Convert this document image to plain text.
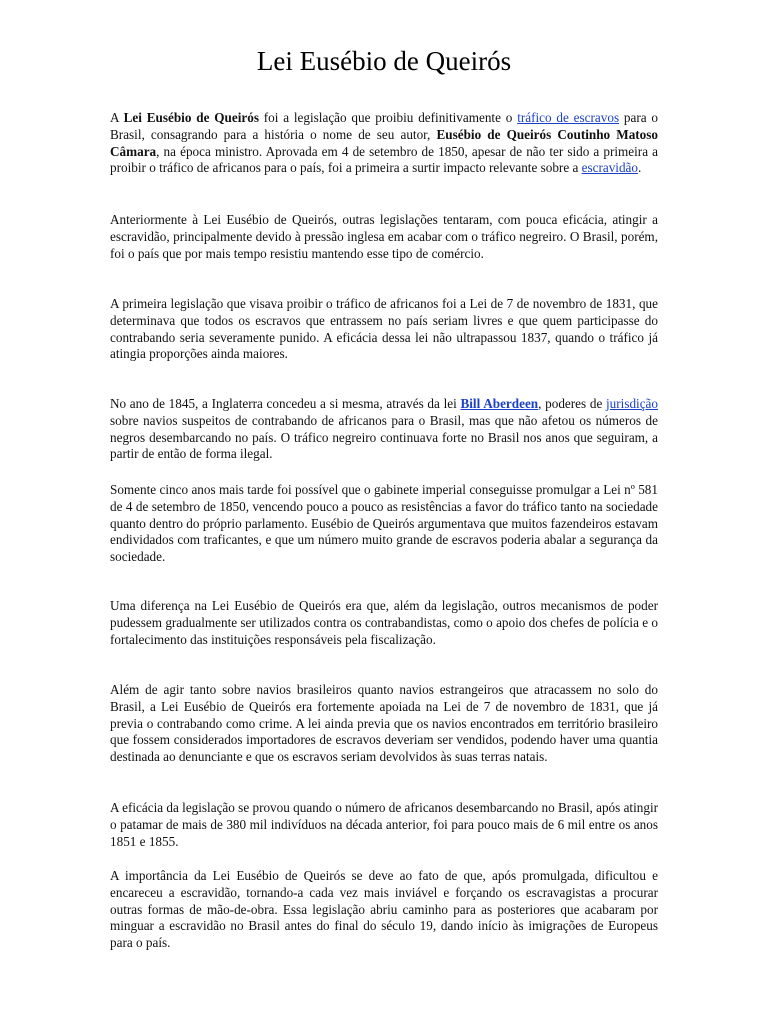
Lei Eusébio de Queirós

A Lei Eusébio de Queirós foi a legislação que proibiu definitivamente o tráfico de escravos para o Brasil, consagrando para a história o nome de seu autor, Eusébio de Queirós Coutinho Matoso Câmara, na época ministro. Aprovada em 4 de setembro de 1850, apesar de não ter sido a primeira a proibir o tráfico de africanos para o país, foi a primeira a surtir impacto relevante sobre a escravidão.

Anteriormente à Lei Eusébio de Queirós, outras legislações tentaram, com pouca eficácia, atingir a escravidão, principalmente devido à pressão inglesa em acabar com o tráfico negreiro. O Brasil, porém, foi o país que por mais tempo resistiu mantendo esse tipo de comércio.

A primeira legislação que visava proibir o tráfico de africanos foi a Lei de 7 de novembro de 1831, que determinava que todos os escravos que entrassem no país seriam livres e que quem participasse do contrabando seria severamente punido. A eficácia dessa lei não ultrapassou 1837, quando o tráfico já atingia proporções ainda maiores.

No ano de 1845, a Inglaterra concedeu a si mesma, através da lei Bill Aberdeen, poderes de jurisdição sobre navios suspeitos de contrabando de africanos para o Brasil, mas que não afetou os números de negros desembarcando no país. O tráfico negreiro continuava forte no Brasil nos anos que seguiram, a partir de então de forma ilegal.

Somente cinco anos mais tarde foi possível que o gabinete imperial conseguisse promulgar a Lei nº 581 de 4 de setembro de 1850, vencendo pouco a pouco as resistências a favor do tráfico tanto na sociedade quanto dentro do próprio parlamento. Eusébio de Queirós argumentava que muitos fazendeiros estavam endividados com traficantes, e que um número muito grande de escravos poderia abalar a segurança da sociedade.

Uma diferença na Lei Eusébio de Queirós era que, além da legislação, outros mecanismos de poder pudessem gradualmente ser utilizados contra os contrabandistas, como o apoio dos chefes de polícia e o fortalecimento das instituições responsáveis pela fiscalização.

Além de agir tanto sobre navios brasileiros quanto navios estrangeiros que atracassem no solo do Brasil, a Lei Eusébio de Queirós era fortemente apoiada na Lei de 7 de novembro de 1831, que já previa o contrabando como crime. A lei ainda previa que os navios encontrados em território brasileiro que fossem considerados importadores de escravos deveriam ser vendidos, podendo haver uma quantia destinada ao denunciante e que os escravos seriam devolvidos às suas terras natais.

A eficácia da legislação se provou quando o número de africanos desembarcando no Brasil, após atingir o patamar de mais de 380 mil indivíduos na década anterior, foi para pouco mais de 6 mil entre os anos 1851 e 1855.

A importância da Lei Eusébio de Queirós se deve ao fato de que, após promulgada, dificultou e encareceu a escravidão, tornando-a cada vez mais inviável e forçando os escravagistas a procurar outras formas de mão-de-obra. Essa legislação abriu caminho para as posteriores que acabaram por minguar a escravidão no Brasil antes do final do século 19, dando início às imigrações de Europeus para o país.
